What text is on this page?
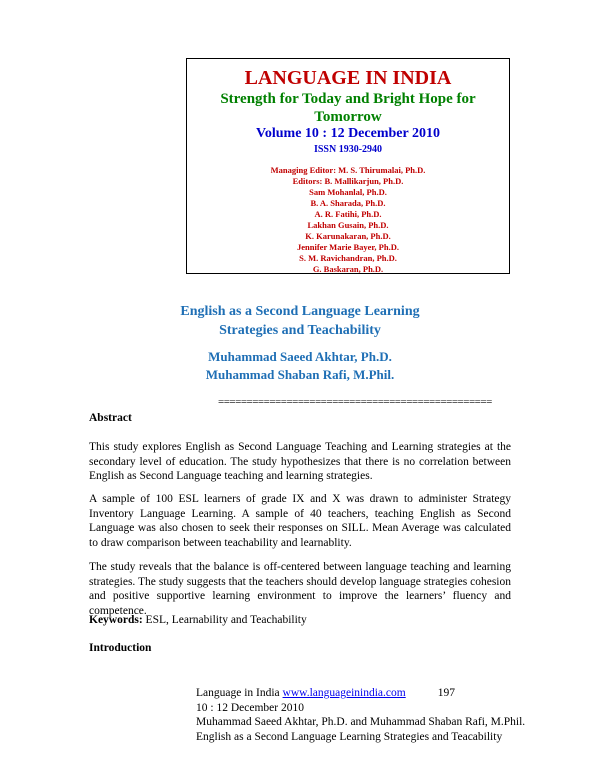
LANGUAGE IN INDIA
Strength for Today and Bright Hope for Tomorrow
Volume 10 : 12 December 2010
ISSN 1930-2940
Managing Editor: M. S. Thirumalai, Ph.D.
Editors: B. Mallikarjun, Ph.D.
Sam Mohanlal, Ph.D.
B. A. Sharada, Ph.D.
A. R. Fatihi, Ph.D.
Lakhan Gusain, Ph.D.
K. Karunakaran, Ph.D.
Jennifer Marie Bayer, Ph.D.
S. M. Ravichandran, Ph.D.
G. Baskaran, Ph.D.
English as a Second Language Learning
Strategies and Teachability
Muhammad Saeed Akhtar, Ph.D.
Muhammad Shaban Rafi, M.Phil.
================================================
Abstract
This study explores English as Second Language Teaching and Learning strategies at the secondary level of education. The study hypothesizes that there is no correlation between English as Second Language teaching and learning strategies.
A sample of 100 ESL learners of grade IX and X was drawn to administer Strategy Inventory Language Learning. A sample of 40 teachers, teaching English as Second Language was also chosen to seek their responses on SILL. Mean Average was calculated to draw comparison between teachability and learnablity.
The study reveals that the balance is off-centered between language teaching and learning strategies. The study suggests that the teachers should develop language strategies cohesion and positive supportive learning environment to improve the learners’ fluency and competence.
Keywords: ESL, Learnability and Teachability
Introduction
Language in India www.languageinindia.com	197
10 : 12 December 2010
Muhammad Saeed Akhtar, Ph.D. and Muhammad Shaban Rafi, M.Phil.
English as a Second Language Learning Strategies and Teacability
